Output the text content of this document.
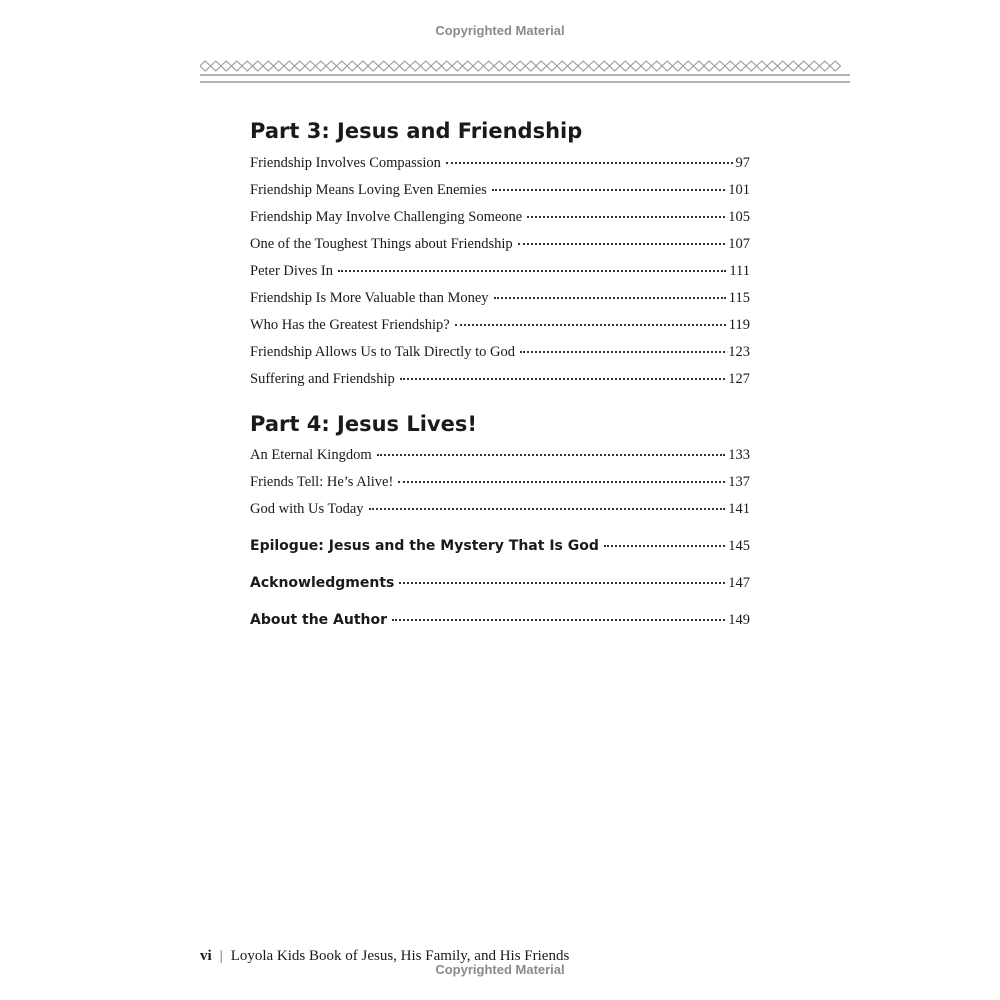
Copyrighted Material
Part 3: Jesus and Friendship
Friendship Involves Compassion	97
Friendship Means Loving Even Enemies	101
Friendship May Involve Challenging Someone	105
One of the Toughest Things about Friendship	107
Peter Dives In	111
Friendship Is More Valuable than Money	115
Who Has the Greatest Friendship?	119
Friendship Allows Us to Talk Directly to God	123
Suffering and Friendship	127
Part 4: Jesus Lives!
An Eternal Kingdom	133
Friends Tell: He’s Alive!	137
God with Us Today	141
Epilogue: Jesus and the Mystery That Is God	145
Acknowledgments	147
About the Author	149
vi | Loyola Kids Book of Jesus, His Family, and His Friends
Copyrighted Material
